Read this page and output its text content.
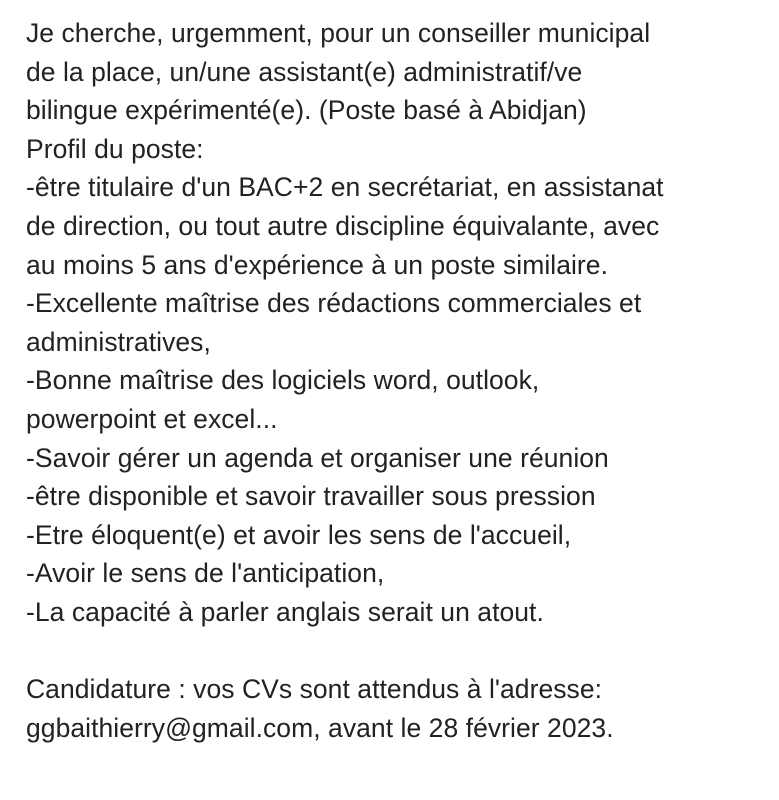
Je cherche, urgemment, pour un conseiller municipal
de la place, un/une assistant(e) administratif/ve
bilingue expérimenté(e). (Poste basé à Abidjan)
Profil du poste:
-être titulaire d'un BAC+2 en secrétariat, en assistanat
de direction, ou tout autre discipline équivalante, avec
au moins 5 ans d'expérience à un poste similaire.
-Excellente maîtrise des rédactions commerciales et
administratives,
-Bonne maîtrise des logiciels word, outlook,
powerpoint et excel...
-Savoir gérer un agenda et organiser une réunion
-être disponible et savoir travailler sous pression
-Etre éloquent(e) et avoir les sens de l'accueil,
-Avoir le sens de l'anticipation,
-La capacité à parler anglais serait un atout.
Candidature : vos CVs sont attendus à l'adresse:
ggbaithierry@gmail.com, avant le 28 février 2023.
